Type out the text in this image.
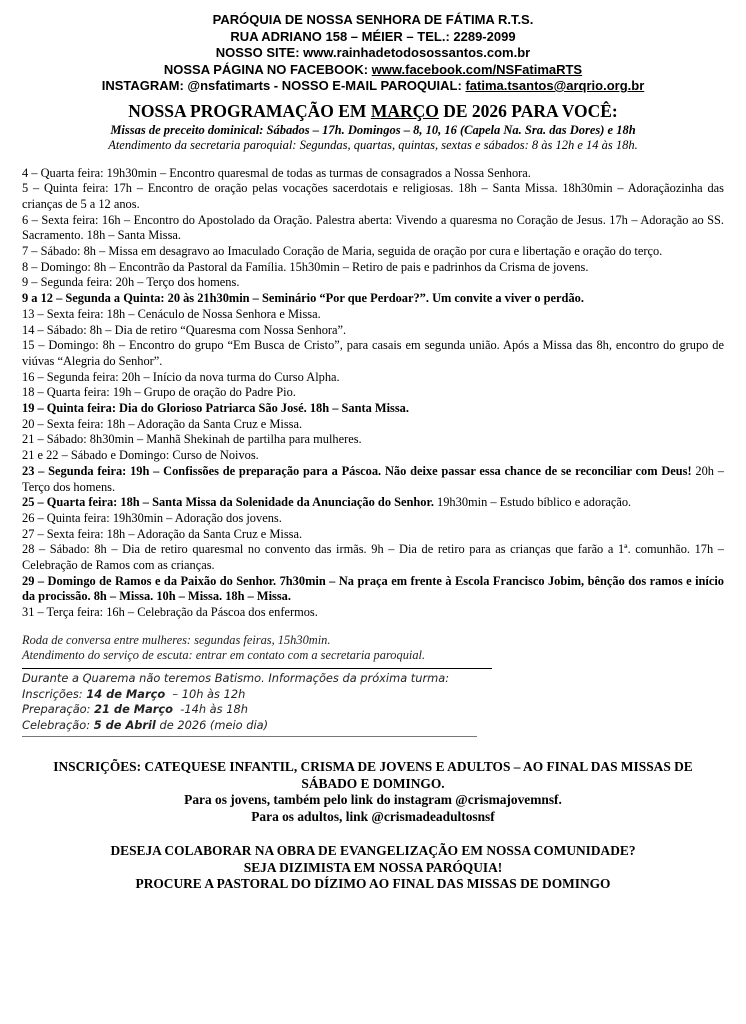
PARÓQUIA DE NOSSA SENHORA DE FÁTIMA R.T.S.
RUA ADRIANO 158 – MÉIER – TEL.: 2289-2099
NOSSO SITE: www.rainhadetodosossantos.com.br
NOSSA PÁGINA NO FACEBOOK: www.facebook.com/NSFatimaRTS
INSTAGRAM: @nsfatimarts - NOSSO E-MAIL PAROQUIAL: fatima.tsantos@arqrio.org.br
NOSSA PROGRAMAÇÃO EM MARÇO DE 2026 PARA VOCÊ:
Missas de preceito dominical: Sábados – 17h. Domingos – 8, 10, 16 (Capela Na. Sra. das Dores) e 18h
Atendimento da secretaria paroquial: Segundas, quartas, quintas, sextas e sábados: 8 às 12h e 14 às 18h.

4 – Quarta feira: 19h30min – Encontro quaresmal de todas as turmas de consagrados a Nossa Senhora.

5 – Quinta feira: 17h – Encontro de oração pelas vocações sacerdotais e religiosas. 18h – Santa Missa. 18h30min – Adoraçãozinha das crianças de 5 a 12 anos.

6 – Sexta feira: 16h – Encontro do Apostolado da Oração. Palestra aberta: Vivendo a quaresma no Coração de Jesus. 17h – Adoração ao SS. Sacramento. 18h – Santa Missa.

7 – Sábado: 8h – Missa em desagravo ao Imaculado Coração de Maria, seguida de oração por cura e libertação e oração do terço.

8 – Domingo: 8h – Encontrão da Pastoral da Família. 15h30min – Retiro de pais e padrinhos da Crisma de jovens.

9 – Segunda feira: 20h – Terço dos homens.

9 a 12 – Segunda a Quinta: 20 às 21h30min – Seminário “Por que Perdoar?”. Um convite a viver o perdão.

13 – Sexta feira: 18h – Cenáculo de Nossa Senhora e Missa.

14 – Sábado: 8h – Dia de retiro “Quaresma com Nossa Senhora”.

15 – Domingo: 8h – Encontro do grupo “Em Busca de Cristo”, para casais em segunda união. Após a Missa das 8h, encontro do grupo de viúvas “Alegria do Senhor”.

16 – Segunda feira: 20h – Início da nova turma do Curso Alpha.

18 – Quarta feira: 19h – Grupo de oração do Padre Pio.

19 – Quinta feira: Dia do Glorioso Patriarca São José. 18h – Santa Missa.

20 – Sexta feira: 18h – Adoração da Santa Cruz e Missa.

21 – Sábado: 8h30min – Manhã Shekinah de partilha para mulheres.

21 e 22 – Sábado e Domingo: Curso de Noivos.

23 – Segunda feira: 19h – Confissões de preparação para a Páscoa. Não deixe passar essa chance de se reconciliar com Deus! 20h – Terço dos homens.

25 – Quarta feira: 18h – Santa Missa da Solenidade da Anunciação do Senhor. 19h30min – Estudo bíblico e adoração.

26 – Quinta feira: 19h30min – Adoração dos jovens.

27 – Sexta feira: 18h – Adoração da Santa Cruz e Missa.

28 – Sábado: 8h – Dia de retiro quaresmal no convento das irmãs. 9h – Dia de retiro para as crianças que farão a 1ª. comunhão. 17h – Celebração de Ramos com as crianças.

29 – Domingo de Ramos e da Paixão do Senhor. 7h30min – Na praça em frente à Escola Francisco Jobim, bênção dos ramos e início da procissão. 8h – Missa. 10h – Missa. 18h – Missa.

31 – Terça feira: 16h – Celebração da Páscoa dos enfermos.

Roda de conversa entre mulheres: segundas feiras, 15h30min.
Atendimento do serviço de escuta: entrar em contato com a secretaria paroquial.
Durante a Quarema não teremos Batismo. Informações da próxima turma:
Inscrições: 14 de Março  – 10h às 12h
Preparação: 21 de Março  -14h às 18h
Celebração: 5 de Abril de 2026 (meio dia)
INSCRIÇÕES: CATEQUESE INFANTIL, CRISMA DE JOVENS E ADULTOS – AO FINAL DAS MISSAS DE SÁBADO E DOMINGO.
Para os jovens, também pelo link do instagram @crismajovemnsf.
Para os adultos, link @crismadeadultosnsf
DESEJA COLABORAR NA OBRA DE EVANGELIZAÇÃO EM NOSSA COMUNIDADE?
SEJA DIZIMISTA EM NOSSA PARÓQUIA!
PROCURE A PASTORAL DO DÍZIMO AO FINAL DAS MISSAS DE DOMINGO
